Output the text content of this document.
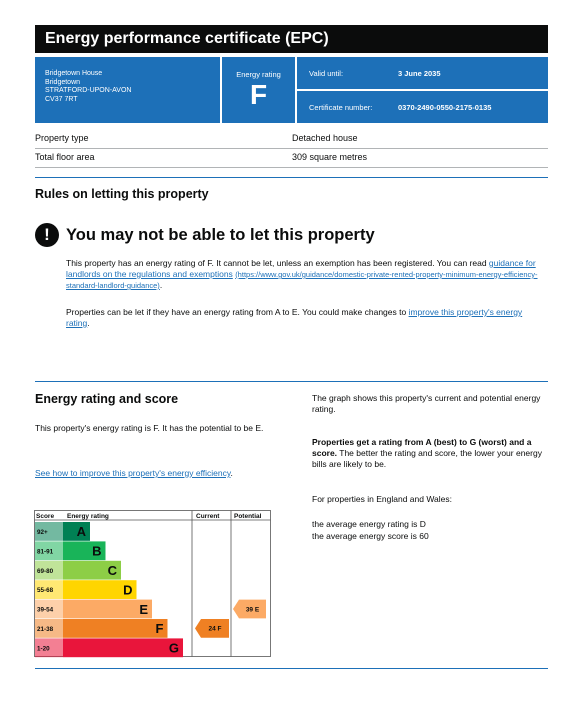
Energy performance certificate (EPC)
Bridgetown House
Bridgetown
STRATFORD-UPON-AVON
CV37 7RT
Energy rating
F
Valid until:	3 June 2035
Certificate number:	0370-2490-0550-2175-0135
Property type	Detached house
Total floor area	309 square metres
Rules on letting this property
! You may not be able to let this property
This property has an energy rating of F. It cannot be let, unless an exemption has been registered. You can read guidance for landlords on the regulations and exemptions (https://www.gov.uk/guidance/domestic-private-rented-property-minimum-energy-efficiency-standard-landlord-guidance).
Properties can be let if they have an energy rating from A to E. You could make changes to improve this property's energy rating.
Energy rating and score
This property's energy rating is F. It has the potential to be E.
See how to improve this property's energy efficiency.
The graph shows this property's current and potential energy rating.
Properties get a rating from A (best) to G (worst) and a score. The better the rating and score, the lower your energy bills are likely to be.
For properties in England and Wales:
the average energy rating is D
the average energy score is 60
Score Energy rating	Current Potential
92+ A
81-91	B
69-80	C
55-68	D
39-54	E
21-38	F
1-20	G
24 F
39 E
